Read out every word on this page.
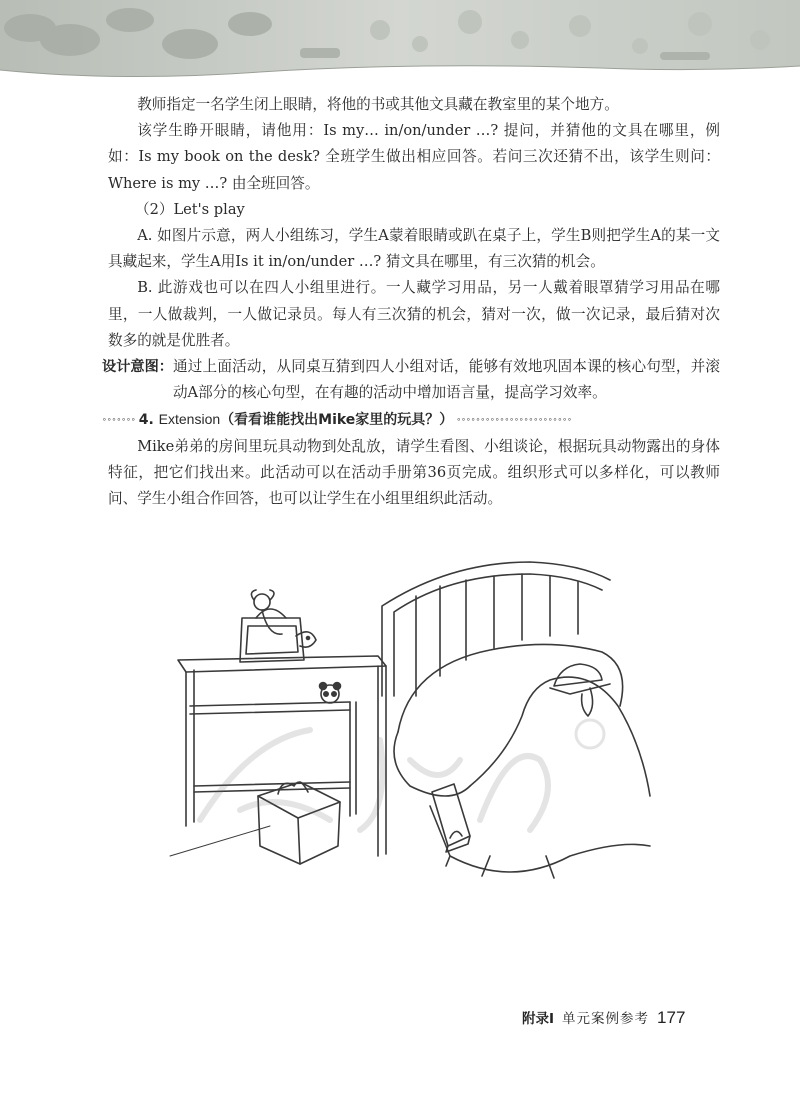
教师指定一名学生闭上眼睛，将他的书或其他文具藏在教室里的某个地方。

该学生睁开眼睛，请他用：Is my… in/on/under …? 提问，并猜他的文具在哪里，例如：Is my book on the desk? 全班学生做出相应回答。若问三次还猜不出，该学生则问：Where is my …? 由全班回答。

（2）Let's play

A. 如图片示意，两人小组练习，学生A蒙着眼睛或趴在桌子上，学生B则把学生A的某一文具藏起来，学生A用Is it in/on/under …? 猜文具在哪里，有三次猜的机会。

B. 此游戏也可以在四人小组里进行。一人藏学习用品，另一人戴着眼罩猜学习用品在哪里，一人做裁判，一人做记录员。每人有三次猜的机会，猜对一次，做一次记录，最后猜对次数多的就是优胜者。

设计意图： 通过上面活动，从同桌互猜到四人小组对话，能够有效地巩固本课的核心句型，并滚动A部分的核心句型，在有趣的活动中增加语言量，提高学习效率。

∘∘∘∘∘∘∘ 4. Extension（看看谁能找出Mike家里的玩具？） ∘∘∘∘∘∘∘∘∘∘∘∘∘∘∘∘∘∘∘∘∘∘∘∘

Mike弟弟的房间里玩具动物到处乱放，请学生看图、小组谈论，根据玩具动物露出的身体特征，把它们找出来。此活动可以在活动手册第36页完成。组织形式可以多样化，可以教师问、学生小组合作回答，也可以让学生在小组里组织此活动。

附录I 单元案例参考 177
